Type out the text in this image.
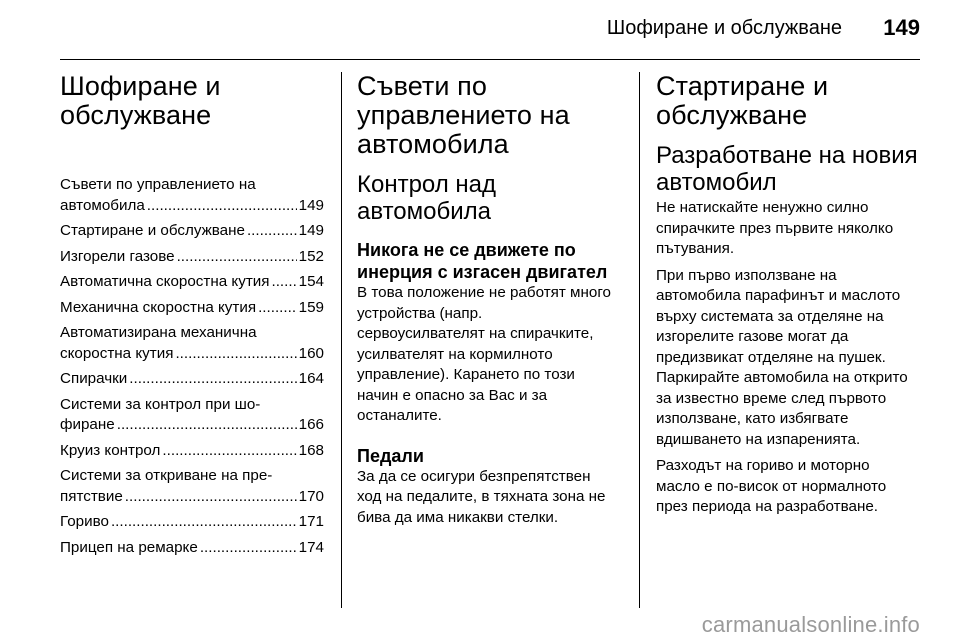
Шофиране и обслужване 149
Шофиране и
обслужване
Съвети по управлението на
автомобила .....	149
Стартиране и обслужване .....	149
Изгорели газове .....	152
Автоматична скоростна кутия ..... 154
Механична скоростна кутия .....	159
Автоматизирана механична
скоростна кутия .....	160
Спирачки .....	164
Системи за контрол при шо-
фиране .....	166
Круиз контрол .....	168
Системи за откриване на пре-
пятствие .....	170
Гориво .....	171
Прицеп на ремарке .....	174
Съвети по
управлението на
автомобила
Контрол над автомобила
Никога не се движете по
инерция с изгасен двигател
В това положение не работят много
устройства (напр.
сервоусилвателят на спирачките,
усилвателят на кормилното
управление). Карането по този
начин е опасно за Вас и за
останалите.
Педали
За да се осигури безпрепятствен
ход на педалите, в тяхната зона не
бива да има никакви стелки.
Стартиране и
обслужване
Разработване на новия
автомобил
Не натискайте ненужно силно
спирачките през първите няколко
пътувания.
При първо използване на
автомобила парафинът и маслото
върху системата за отделяне на
изгорелите газове могат да
предизвикат отделяне на пушек.
Паркирайте автомобила на открито
за известно време след първото
използване, като избягвате
вдишването на изпаренията.
Разходът на гориво и моторно
масло е по-висок от нормалното
през периода на разработване.
carmanualsonline.info
